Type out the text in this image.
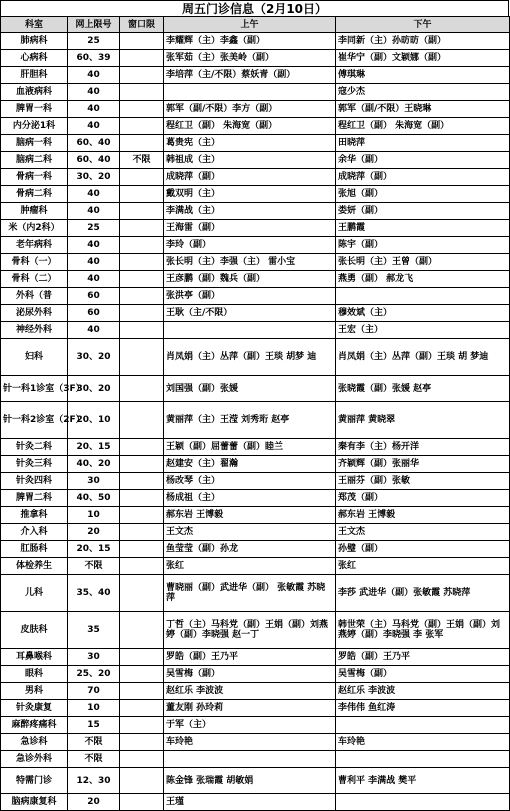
周五门诊信息（2月10日）
科室	网上限号	窗口限	上午	下午
肺病科	25		李耀辉（主）李鑫（副）	李同新（主）孙昉昉（副）
心病科	60、39		张军茹（主）张美岭（副）	崔华宁（副）文颖娜（副）
肝胆科	40		李培萍（主/不限）蔡妖青（副）	傅琪琳
血液病科	40			寇少杰
脾胃一科	40		郭军（副/不限）李方（副）	郭军（副/不限）王晓琳
内分泌1科	40		程红卫（副） 朱海宽（副）	程红卫（副） 朱海宽（副）
脑病一科	60、40		葛贵宪（主）	田晓萍
脑病二科	60、40	不限	韩祖成（主）	余华（副）
骨病一科	30、20		成晓萍（副）	成晓萍（副）
骨病二科	40		戴双明（主）	张旭（副）
肿瘤科	40		李满战（主）	娄妍（副）
米（内2科）	25		王海雷（副）	王鹏霞
老年病科	40		李玲（副）	陈宇（副）
骨科（一）	40		张长明（主）李强（主） 雷小宝	张长明（主）王曾（副）
骨科（二）	40		王彦鹏（副）魏兵（副）	燕勇（副） 郝龙飞
外科（普	60		张洪亭（副）	
泌尿外科	60		王耿（主/不限）	穆效斌（主）
神经外科	40			王宏（主）
妇科	30、20		肖凤娟（主）丛萍（副）王琰 胡梦 迪	肖凤娟（主）丛萍（副）王琰 胡 梦迪
针一科1诊室（3F）	30、20		刘国强（副）张媛	张晓霞（副）张媛 赵亭
针一科2诊室（2F）	20、10		黄丽萍（主）王滢 刘秀珩 赵亭	黄丽萍 黄晓翠
针灸二科	20、15		王颖（副）屈蕾蕾（副）睦兰	秦有李（主）杨开洋
针灸三科	40、20		赵建安（主）翟瀚	齐颖辉（副）张丽华
针灸四科	30		杨改琴（主）	王丽芬（副）张敏
脾胃二科	40、50		杨成祖（主）	郑茂（副）
推拿科	10		郝东岩 王博毅	郝东岩 王博毅
介入科	20		王文杰	王文杰
肛肠科	20、15		鱼莹莹（副）孙龙	孙璧（副）
体检养生	不限		张红	张红
儿科	35、40		曹晓丽（副）武进华（副） 张敏霞 苏晓萍	李莎 武进华（副）张敏霞 苏晓萍
皮肤科	35		丁哲（主）马科党（副）王娟（副）刘燕婷（副）李晓强 赵一丁	韩世荣（主）马科党（副）王娟（副）刘燕婷（副）李晓强 李 张军
耳鼻喉科	30		罗皓（副）王乃平	罗皓（副）王乃平
眼科	25、20		吴雪梅（副）	吴雪梅（副）
男科	70		赵红乐 李波波	赵红乐 李波波
针灸康复	10		董友刚 孙玲莉	李伟伟 鱼红涛
麻醉疼痛科	15		于军（主）	
急诊科	不限		车玲艳	车玲艳
急诊外科	不限			
特需门诊	12、30		陈金锋 张瑞霞 胡敏娟	曹利平 李满战 樊平
脑病康复科	20		王瑾	
